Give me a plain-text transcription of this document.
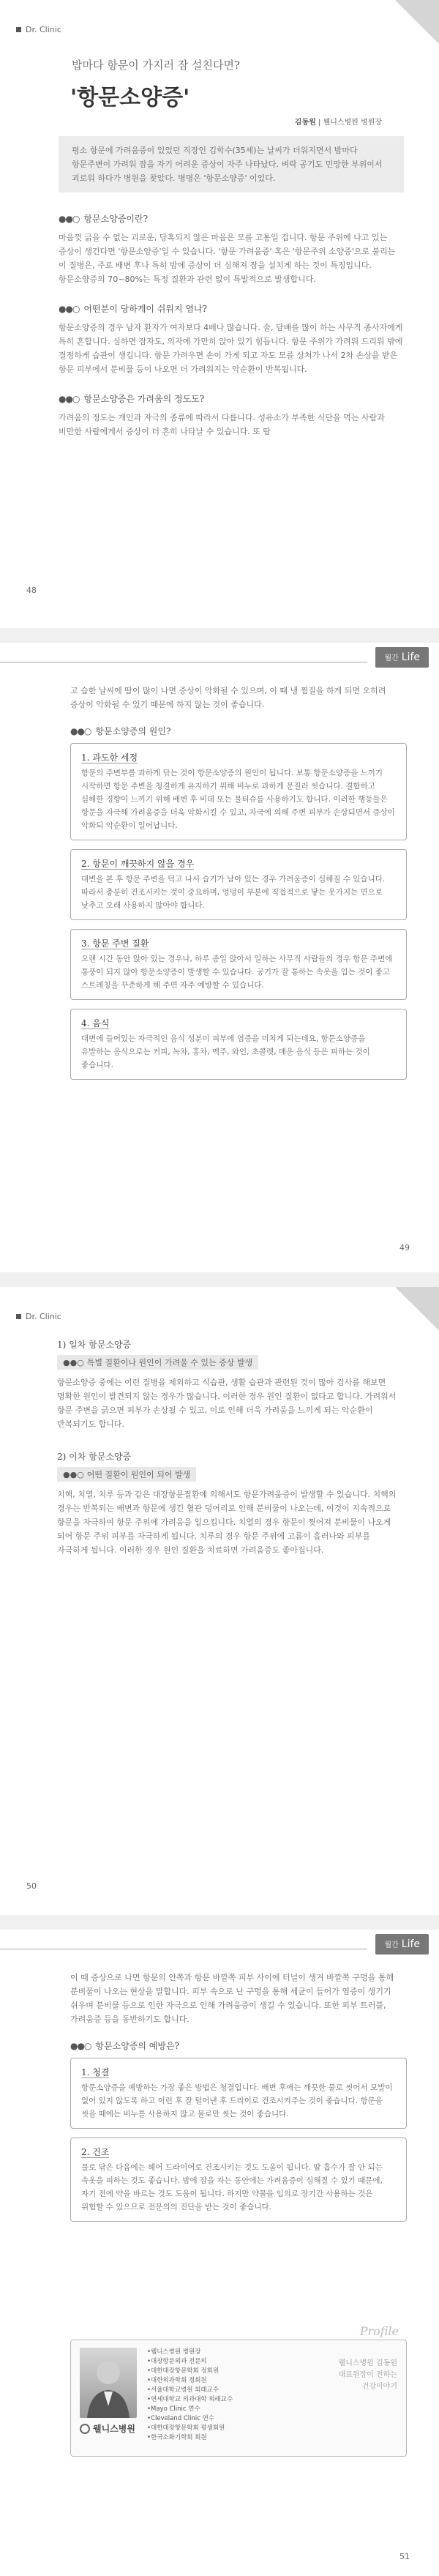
Dr. Clinic
밥마다 항문이 가지러 잠 설친다면?
'항문소양증'
김동원 | 웰니스병원 병원장
평소 항문에 가려움증이 있었던 직장인 김학수(35세)는 날씨가 더워지면서 밤마다 항문주변이 가려워 잠을 자기 어려운 증상이 자주 나타났다. 벼락 공기도 민망한 부위이서 괴로워 하다가 병원을 찾았다. 병명은 '항문소양증' 이었다.
●●○ 항문소양증이란?

마음껏 긁을 수 없는 괴로운, 당혹되지 않은 마음은 모를 고통일 겁니다. 항문 주위에 나고 있는 증상이 생긴다면 '항문소양증'일 수 있습니다. '항문 가려움증' 혹은 '항문주위 소양증'으로 불리는 이 질병은, 주로 배변 후나 특히 밤에 증상이 더 심해져 잠을 설치게 하는 것이 특징입니다. 항문소양증의 70~80%는 특정 질환과 관련 없이 특발적으로 발생합니다.

●●○ 어떤분이 당하게이 쉬워지 염나?

항문소양증의 경우 남자 환자가 여자보다 4배나 많습니다. 술, 담배를 많이 하는 사무직 종사자에게 특히 흔합니다. 심하면 잠자도, 의자에 가만히 앉아 있기 힘듭니다. 항문 주위가 가려워 드리워 밖에 결정하게 습관이 생깁니다. 항문 가려우면 손이 가게 되고 자도 모를 상처가 나서 2차 손상을 받은 항문 피부에서 분비물 등이 나오면 더 가려워지는 악순환이 반복됩니다.

●●○ 항문소양증은 가려움의 정도도?

가려움의 정도는 개인과 자극의 종류에 따라서 다릅니다. 성유소가 부족한 식단을 먹는 사람과 비만한 사람에게서 증상이 더 흔히 나타날 수 있습니다. 또 땀

48
월간 Life

고 습한 날씨에 땀이 많이 나면 증상이 악화될 수 있으며, 이 때 냉 찜질을 하게 되면 오히려 증상이 악화될 수 있기 때문에 하지 않는 것이 좋습니다.

●●○ 항문소양증의 원인?
1. 과도한 세정

항문의 주변부를 과하게 닦는 것이 항문소양증의 원인이 됩니다. 보통 항문소양증을 느끼기 시작하면 항문 주변을 청결하게 유지하기 위해 비누로 과하게 문질러 씻습니다. 결합하고 심해한 경향이 느끼기 위해 배변 후 비데 또는 물티슈를 사용하기도 합니다. 이러한 행동들은 항문을 자극해 가려움증을 더욱 악화시킬 수 있고, 자극에 의해 주변 피부가 손상되면서 증상이 악화되 악순환이 일어납니다.

2. 항문이 깨끗하지 않을 경우

대변을 본 후 항문 주변을 덕고 나서 습기가 남아 있는 경우 가려움증이 심해질 수 있습니다. 따라서 충분히 건조시키는 것이 중요하며, 엉덩이 부분에 직접적으로 닿는 옷가지는 면으로 낮추고 오래 사용하지 않아야 합니다.

3. 항문 주변 질환

오랜 시간 동안 앉아 있는 경우나, 하루 종일 앉아서 일하는 사무직 사람들의 경우 항문 주변에 통풍이 되지 않아 항문소양증이 발생할 수 있습니다. 공기가 잘 통하는 속옷을 입는 것이 좋고 스트레칭을 꾸준하게 해 주면 자주 예방할 수 있습니다.

4. 음식

대변에 들어있는 자극적인 음식 성분이 피부에 염증을 미치게 되는데요, 항문소양증을 유발하는 음식으로는 커피, 녹차, 홍차, 맥주, 와인, 초콜렛, 매운 음식 등은 피하는 것이 좋습니다.

49
Dr. Clinic
1) 일차 항문소양증
●●○ 특별 질환이나 원인이 가려울 수 있는 증상 발생

항문소양증 중에는 이런 질병을 제외하고 식습관, 생활 습관과 관련된 것이 많아 검사를 해보면 명확한 원인이 발견되지 않는 경우가 많습니다. 이러한 경우 원인 질환이 없다고 합니다. 가려워서 항문 주변을 긁으면 피부가 손상될 수 있고, 이로 인해 더욱 가려움을 느끼게 되는 악순환이 반복되기도 합니다.

2) 이차 항문소양증
●●○ 어떤 질환이 원인이 되어 발생

치핵, 치열, 치루 등과 같은 대장항문질환에 의해서도 항문가려움증이 발생할 수 있습니다. 치핵의 경우는 반복되는 배변과 항문에 생긴 혈관 덩어리로 인해 분비물이 나오는데, 이것이 지속적으로 항문을 자극하여 항문 주위에 가려움을 일으킵니다. 치열의 경우 항문이 찢어져 분비물이 나오게 되어 항문 주위 피부를 자극하게 됩니다. 치루의 경우 항문 주위에 고름이 흘러나와 피부를 자극하게 됩니다. 이러한 경우 원인 질환을 치료하면 가려움증도 좋아집니다.

50
월간 Life

이 때 증상으로 나면 항문의 안쪽과 항문 바깥쪽 피부 사이에 터널이 생겨 바깥쪽 구멍을 통해 분비물이 나오는 현상을 말합니다. 피부 속으로 난 구멍을 통해 세균이 들어가 염증이 생기기 쉬우며 분비물 등으로 인한 자극으로 인해 가려움증이 생길 수 있습니다. 또한 피부 트러블, 가려움증 등을 동반하기도 합니다.

●●○ 항문소양증의 예방은?
1. 청결

항문소양증을 예방하는 가장 좋은 방법은 청결입니다. 배변 후에는 깨끗한 물로 씻어서 모발이 없어 있지 않도록 하고 이런 후 잘 털어낸 후 드라이로 건조시켜주는 것이 좋습니다. 항문을 씻을 때에는 비누를 사용하지 않고 물로만 씻는 것이 좋습니다.

2. 건조

물로 닦은 다음에는 헤어 드라이어로 건조시키는 것도 도움이 됩니다. 땀 흡수가 잘 안 되는 속옷을 피하는 것도 좋습니다. 밤에 잠을 자는 동안에는 가려움증이 심해질 수 있기 때문에, 자기 전에 약을 바르는 것도 도움이 됩니다. 하지만 약물을 임의로 장기간 사용하는 것은 위험할 수 있으므로 전문의의 진단을 받는 것이 좋습니다.

Profile
•웰니스병원 병원장
•대장항문외과 전문의
•대한대장항문학회 정회원
•대한외과학회 정회원
•서울대학교병원 외래교수
•연세대학교 의과대학 외래교수
•Mayo Clinic 연수
•Cleveland Clinic 연수
•대한대장항문학회 평생회원
•한국소화기학회 회원
웰니스병원 김동원 대표원장이 전하는 건강이야기
웰니스병원
51
